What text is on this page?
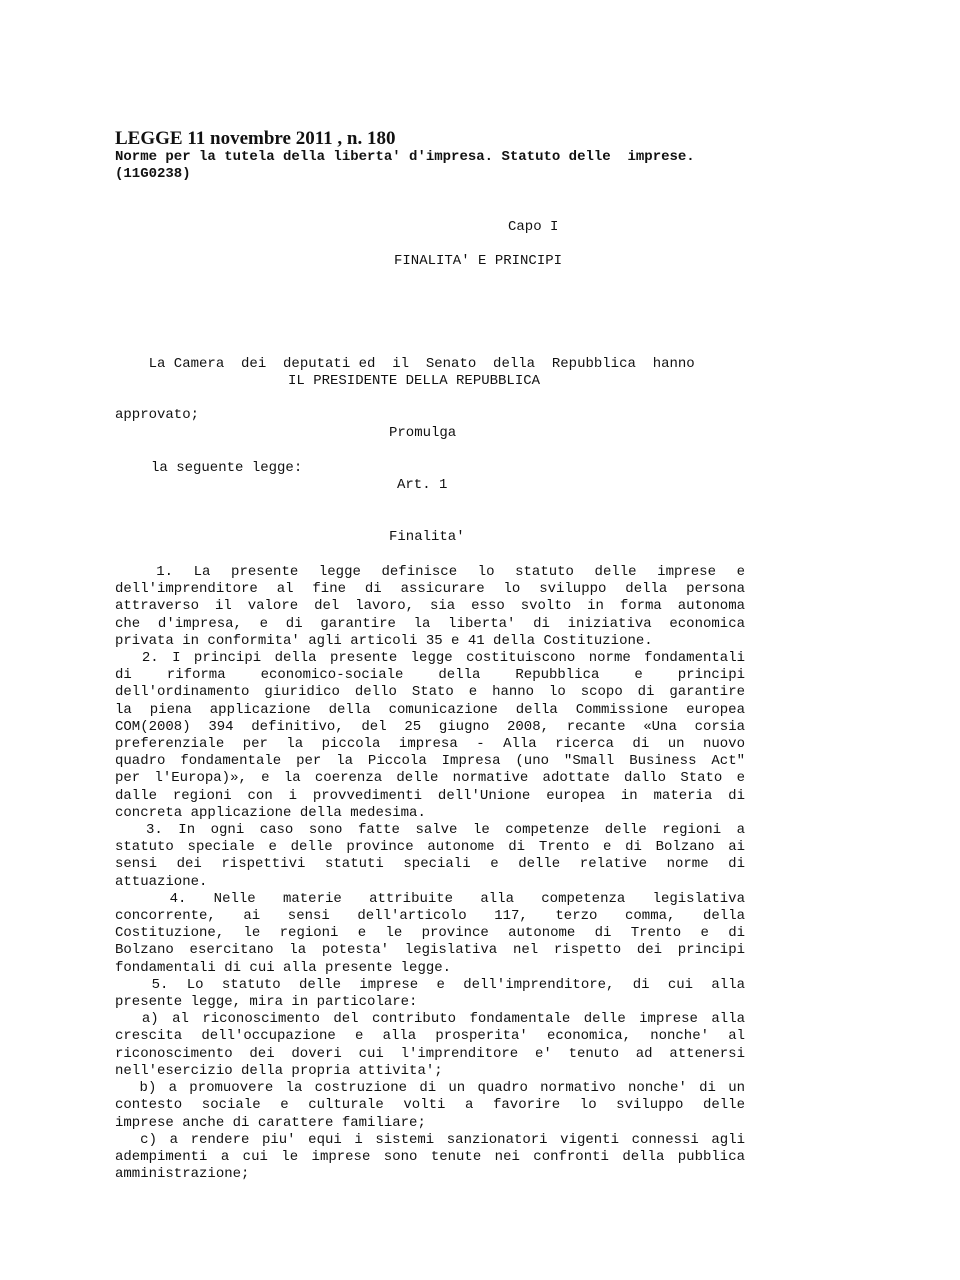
LEGGE 11 novembre 2011 , n. 180
Norme per la tutela della liberta' d'impresa. Statuto delle  imprese.
(11G0238)

Capo I

FINALITA' E PRINCIPI

La Camera  dei  deputati ed  il  Senato  della  Repubblica  hanno

approvato;

IL PRESIDENTE DELLA REPUBBLICA

Promulga

la seguente legge:

Art. 1

Finalita'

1. La presente legge definisce lo statuto delle imprese e
dell'imprenditore al fine di assicurare lo sviluppo della persona
attraverso il valore del lavoro, sia esso svolto in forma autonoma
che d'impresa, e di garantire la liberta' di iniziativa economica
privata in conformita' agli articoli 35 e 41 della Costituzione.
2. I principi della presente legge costituiscono norme fondamentali
di riforma economico-sociale della Repubblica e principi
dell'ordinamento giuridico dello Stato e hanno lo scopo di garantire
la piena applicazione della comunicazione della Commissione europea
COM(2008) 394 definitivo, del 25 giugno 2008, recante «Una corsia
preferenziale per la piccola impresa - Alla ricerca di un nuovo
quadro fondamentale per la Piccola Impresa (uno "Small Business Act"
per l'Europa)», e la coerenza delle normative adottate dallo Stato e
dalle regioni con i provvedimenti dell'Unione europea in materia di
concreta applicazione della medesima.
3. In ogni caso sono fatte salve le competenze delle regioni a
statuto speciale e delle province autonome di Trento e di Bolzano ai
sensi dei rispettivi statuti speciali e delle relative norme di
attuazione.
4. Nelle materie attribuite alla competenza legislativa
concorrente, ai sensi dell'articolo 117, terzo comma, della
Costituzione, le regioni e le province autonome di Trento e di
Bolzano esercitano la potesta' legislativa nel rispetto dei principi
fondamentali di cui alla presente legge.
5. Lo statuto delle imprese e dell'imprenditore, di cui alla
presente legge, mira in particolare:
a) al riconoscimento del contributo fondamentale delle imprese alla
crescita dell'occupazione e alla prosperita' economica, nonche' al
riconoscimento dei doveri cui l'imprenditore e' tenuto ad attenersi
nell'esercizio della propria attivita';
b) a promuovere la costruzione di un quadro normativo nonche' di un
contesto sociale e culturale volti a favorire lo sviluppo delle
imprese anche di carattere familiare;
c) a rendere piu' equi i sistemi sanzionatori vigenti connessi agli
adempimenti a cui le imprese sono tenute nei confronti della pubblica
amministrazione;
